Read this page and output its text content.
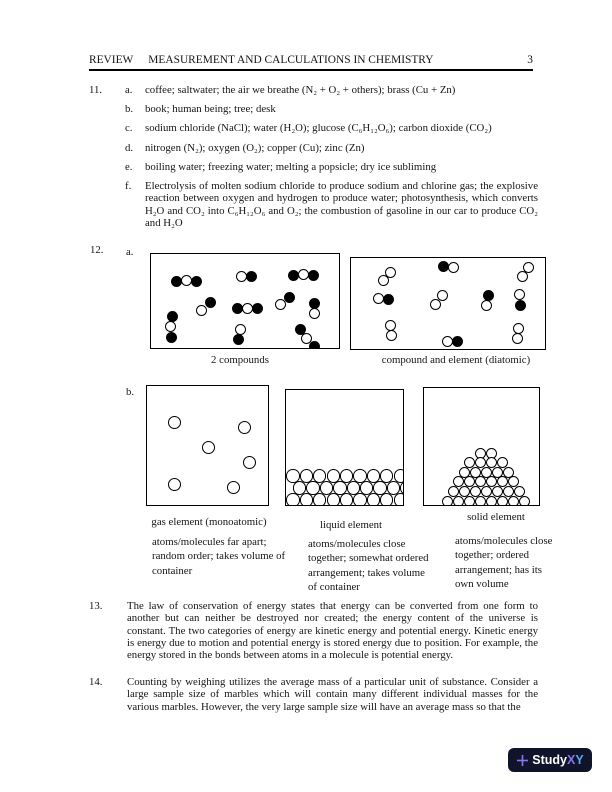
REVIEW MEASUREMENT AND CALCULATIONS IN CHEMISTRY	3
11.	a.	coffee; saltwater; the air we breathe (N₂ + O₂ + others); brass (Cu + Zn)
b.	book; human being; tree; desk
c.	sodium chloride (NaCl); water (H₂O); glucose (C₆H₁₂O₆); carbon dioxide (CO₂)
d.	nitrogen (N₂); oxygen (O₂); copper (Cu); zinc (Zn)
e.	boiling water; freezing water; melting a popsicle; dry ice subliming
f.	Electrolysis of molten sodium chloride to produce sodium and chlorine gas; the explosive reaction between oxygen and hydrogen to produce water; photosynthesis, which converts H₂O and CO₂ into C₆H₁₂O₆ and O₂; the combustion of gasoline in our car to produce CO₂ and H₂O
12. a.
2 compounds	compound and element (diatomic)
b.
gas element (monoatomic)	liquid element
solid element
atoms/molecules far apart; random order; takes volume of container
atoms/molecules close together; somewhat ordered arrangement; takes volume of container
atoms/molecules close together; ordered arrangement; has its own volume
13.	The law of conservation of energy states that energy can be converted from one form to another but can neither be destroyed nor created; the energy content of the universe is constant. The two categories of energy are kinetic energy and potential energy. Kinetic energy is energy due to motion and potential energy is stored energy due to position. For example, the energy stored in the bonds between atoms in a molecule is potential energy.
14.	Counting by weighing utilizes the average mass of a particular unit of substance. Consider a large sample size of marbles which will contain many different individual masses for the various marbles. However, the very large sample size will have an average mass so that the
StudyXY
